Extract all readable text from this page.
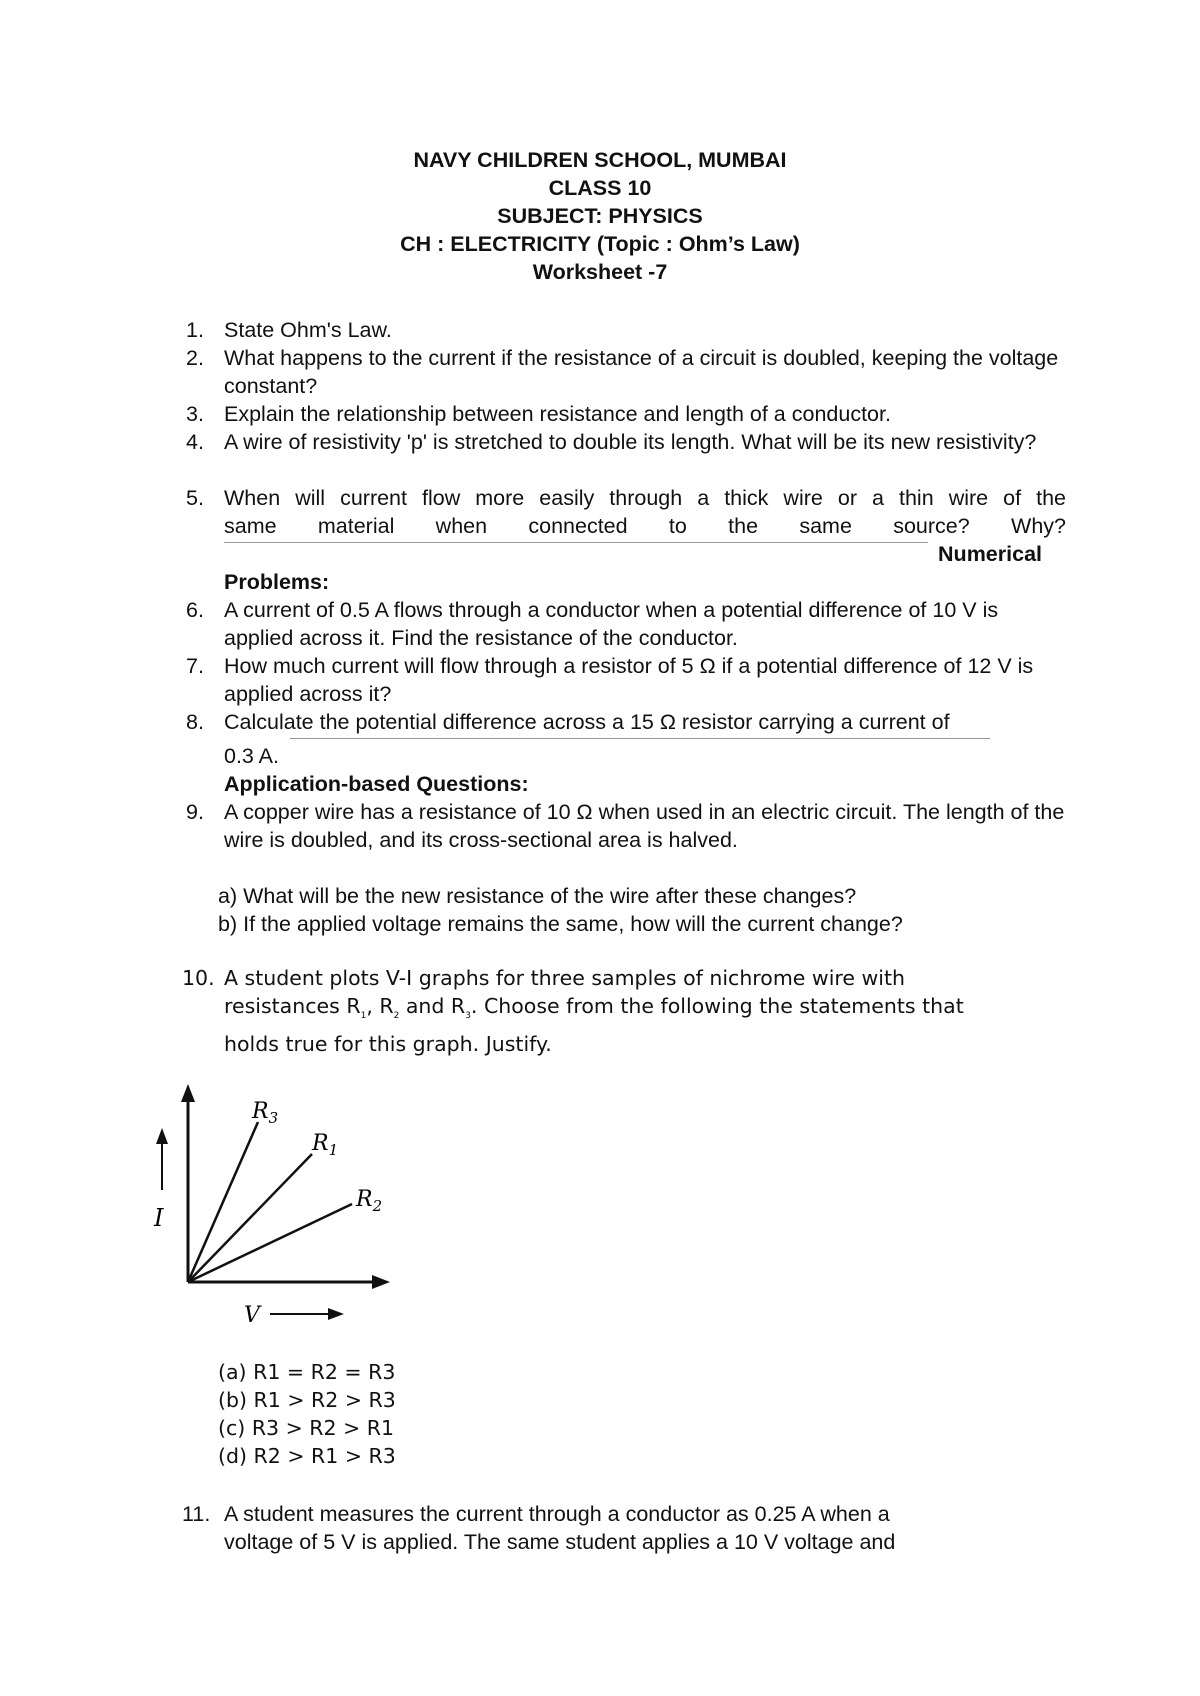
NAVY CHILDREN SCHOOL, MUMBAI
CLASS 10
SUBJECT: PHYSICS
CH : ELECTRICITY (Topic : Ohm’s Law)
Worksheet -7
1. State Ohm's Law.
2. What happens to the current if the resistance of a circuit is doubled, keeping the voltage constant?
3. Explain the relationship between resistance and length of a conductor.
4. A wire of resistivity 'p' is stretched to double its length. What will be its new resistivity?
5. When will current flow more easily through a thick wire or a thin wire of the
same material when connected to the same source? Why?
Numerical
Problems:
6. A current of 0.5 A flows through a conductor when a potential difference of 10 V is applied across it. Find the resistance of the conductor.
7. How much current will flow through a resistor of 5 Ω if a potential difference of 12 V is applied across it?
8. Calculate the potential difference across a 15 Ω resistor carrying a current of
0.3 A.
Application-based Questions:
9. A copper wire has a resistance of 10 Ω when used in an electric circuit. The length of the wire is doubled, and its cross-sectional area is halved.
a) What will be the new resistance of the wire after these changes?
b) If the applied voltage remains the same, how will the current change?
10. A student plots V-I graphs for three samples of nichrome wire with
resistances $R_1$, $R_2$ and $R_3$. Choose from the following the statements that
holds true for this graph. Justify.
I
V
$R_3$
$R_1$
$R_2$
(a) R1 = R2 = R3
(b) R1 > R2 > R3
(c) R3 > R2 > R1
(d) R2 > R1 > R3
11. A student measures the current through a conductor as 0.25 A when a
voltage of 5 V is applied. The same student applies a 10 V voltage and
